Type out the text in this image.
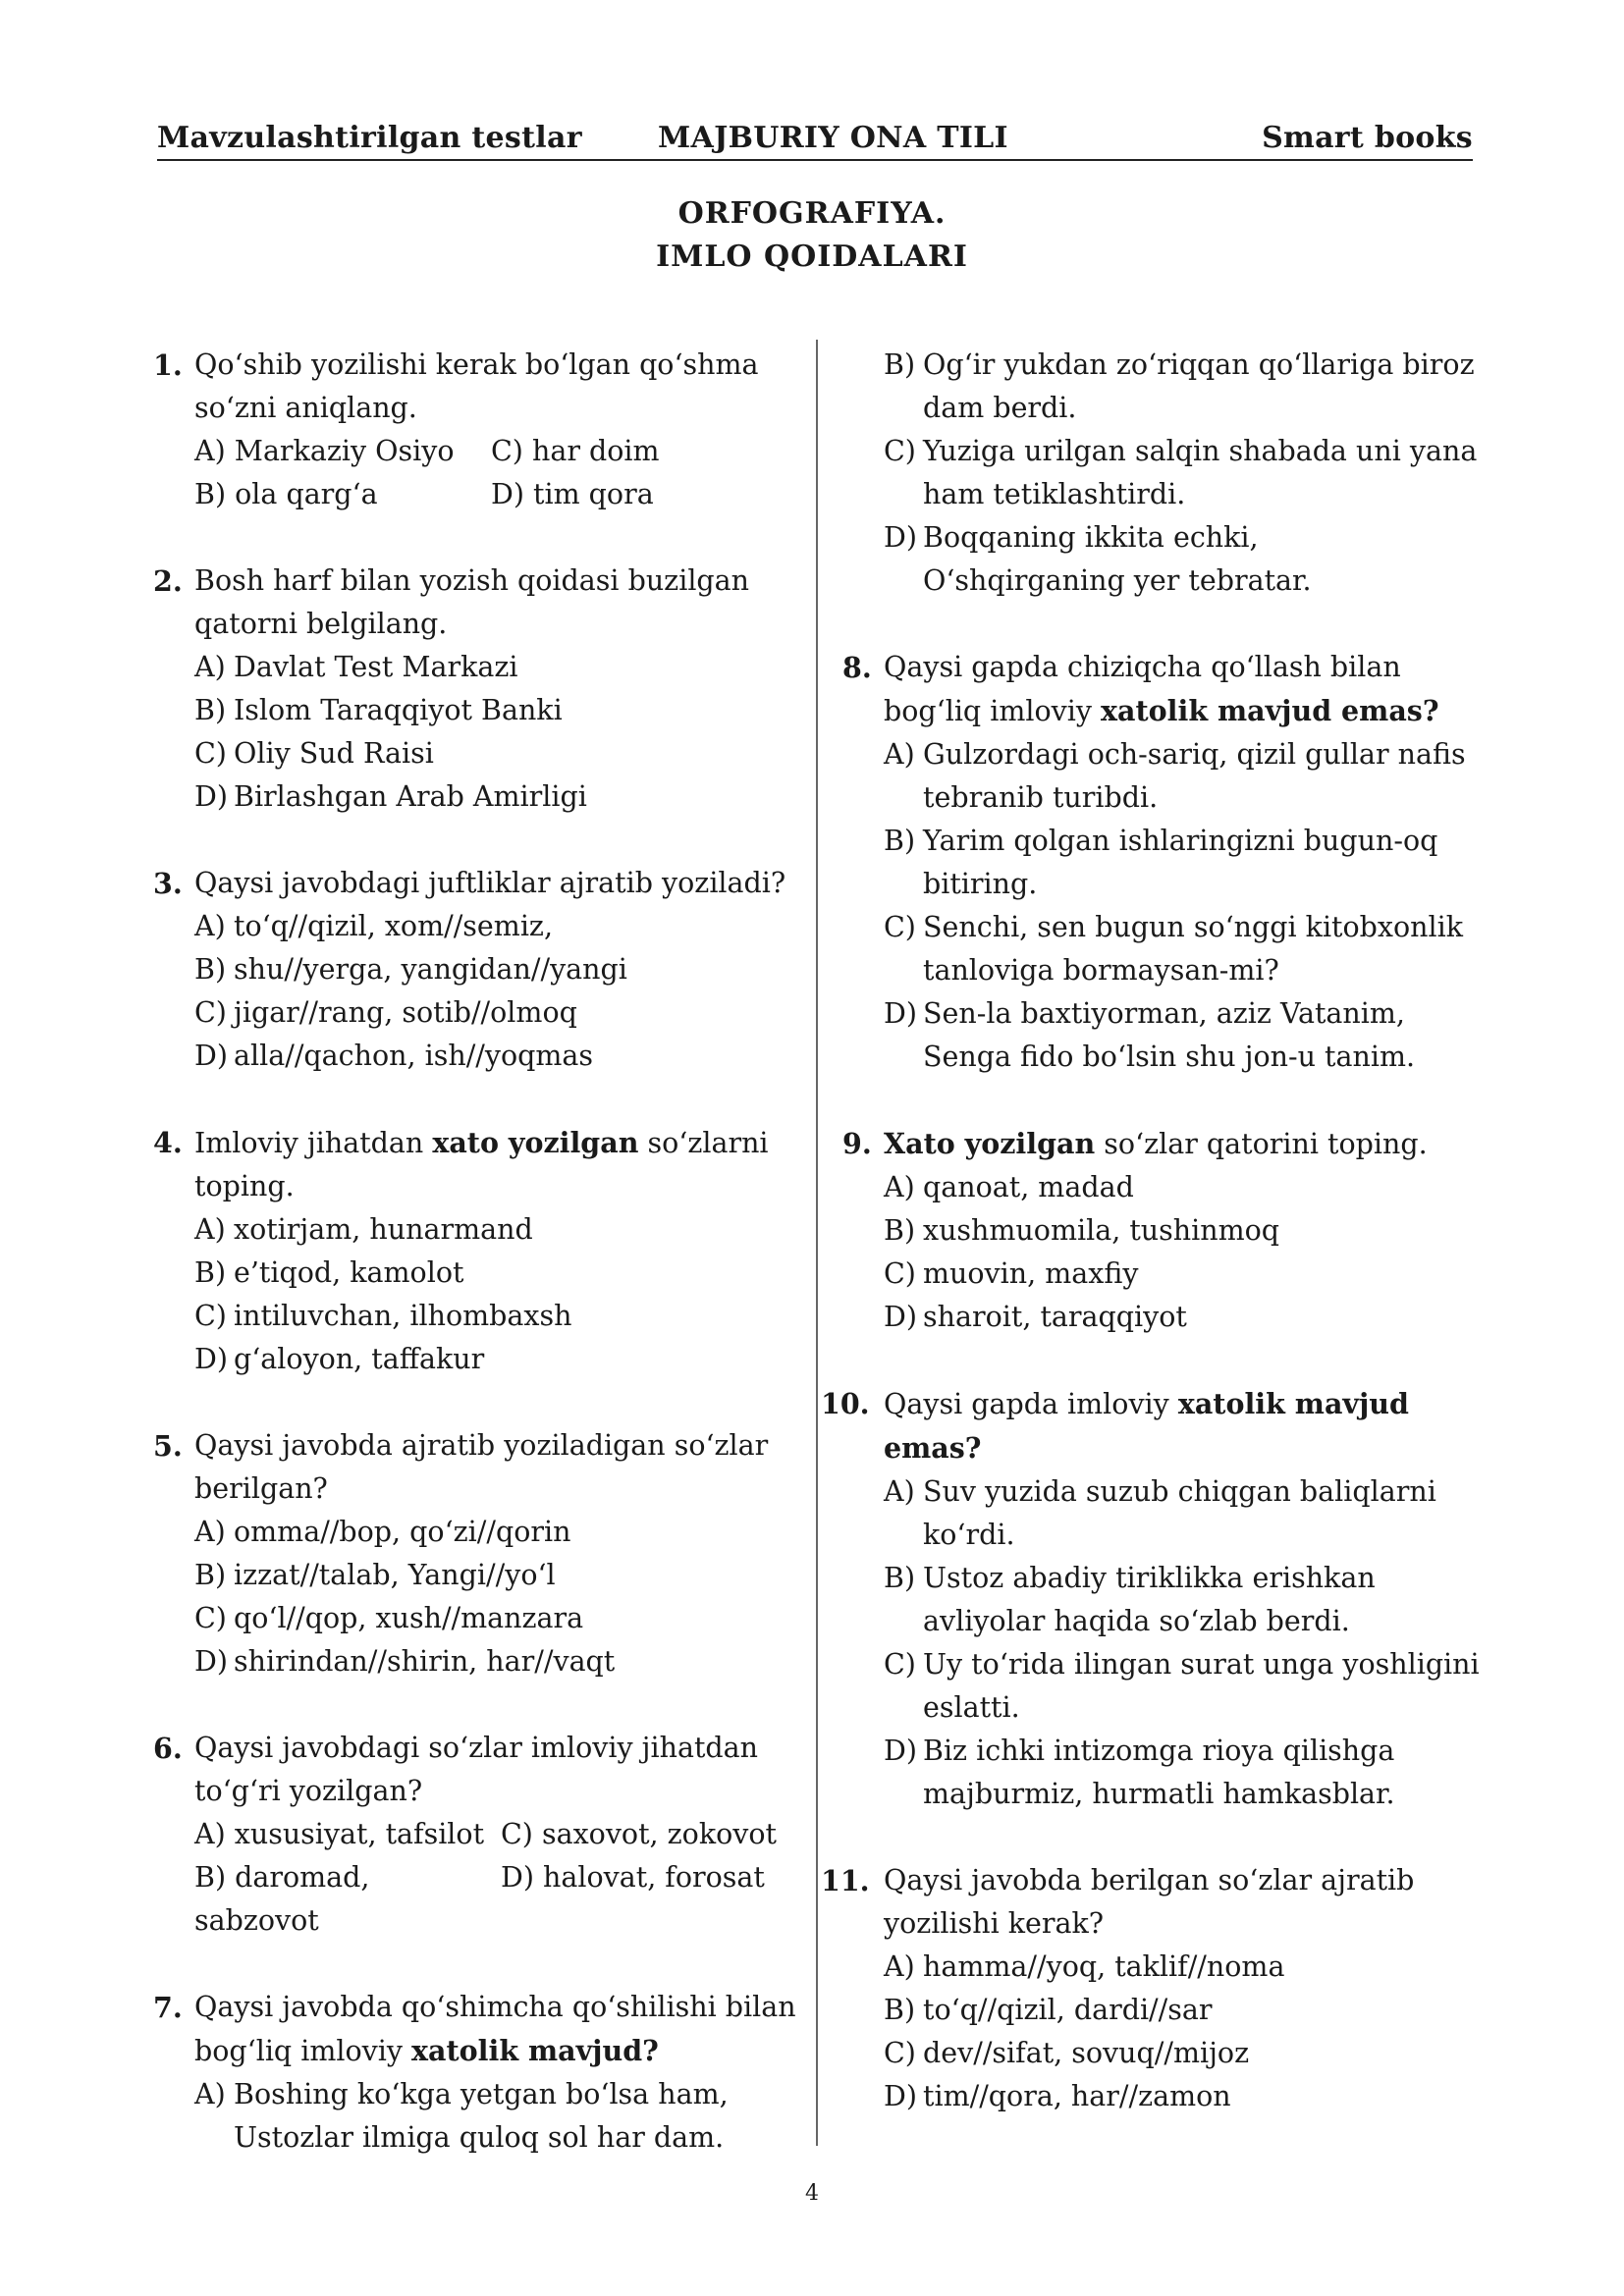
Mavzulashtirilgan testlar	MAJBURIY ONA TILI	Smart books
ORFOGRAFIYA.
IMLO QOIDALARI
1. Qo‘shib yozilishi kerak bo‘lgan qo‘shma so‘zni aniqlang.
A) Markaziy Osiyo	C) har doim
B) ola qarg‘a	D) tim qora
2. Bosh harf bilan yozish qoidasi buzilgan qatorni belgilang.
A) Davlat Test Markazi
B) Islom Taraqqiyot Banki
C) Oliy Sud Raisi
D) Birlashgan Arab Amirligi
3. Qaysi javobdagi juftliklar ajratib yoziladi?
A) to‘q//qizil, xom//semiz,
B) shu//yerga, yangidan//yangi
C) jigar//rang, sotib//olmoq
D) alla//qachon, ish//yoqmas
4. Imloviy jihatdan xato yozilgan so‘zlarni toping.
A) xotirjam, hunarmand
B) e’tiqod, kamolot
C) intiluvchan, ilhombaxsh
D) g‘aloyon, taffakur
5. Qaysi javobda ajratib yoziladigan so‘zlar berilgan?
A) omma//bop, qo‘zi//qorin
B) izzat//talab, Yangi//yo‘l
C) qo‘l//qop, xush//manzara
D) shirindan//shirin, har//vaqt
6. Qaysi javobdagi so‘zlar imloviy jihatdan to‘g‘ri yozilgan?
A) xususiyat, tafsilot C) saxovot, zokovot
B) daromad, sabzovot
D) halovat, forosat
7. Qaysi javobda qo‘shimcha qo‘shilishi bilan bog‘liq imloviy xatolik mavjud?
A) Boshing ko‘kga yetgan bo‘lsa ham,
Ustozlar ilmiga quloq sol har dam.
B) Og‘ir yukdan zo‘riqqan qo‘llariga biroz
dam berdi.
C) Yuziga urilgan salqin shabada uni yana
ham tetiklashtirdi.
D) Boqqaning ikkita echki,
O‘shqirganing yer tebratar.
8. Qaysi gapda chiziqcha qo‘llash bilan bog‘liq imloviy xatolik mavjud emas?
A) Gulzordagi och-sariq, qizil gullar nafis
tebranib turibdi.
B) Yarim qolgan ishlaringizni bugun-oq
bitiring.
C) Senchi, sen bugun so‘nggi kitobxonlik
tanloviga bormaysan-mi?
D) Sen-la baxtiyorman, aziz Vatanim,
Senga fido bo‘lsin shu jon-u tanim.
9. Xato yozilgan so‘zlar qatorini toping.
A) qanoat, madad
B) xushmuomila, tushinmoq
C) muovin, maxfiy
D) sharoit, taraqqiyot
10. Qaysi gapda imloviy xatolik mavjud emas?
A) Suv yuzida suzub chiqgan baliqlarni
ko‘rdi.
B) Ustoz abadiy tiriklikka erishkan
avliyolar haqida so‘zlab berdi.
C) Uy to‘rida ilingan surat unga yoshligini
eslatti.
D) Biz ichki intizomga rioya qilishga
majburmiz, hurmatli hamkasblar.
11. Qaysi javobda berilgan so‘zlar ajratib yozilishi kerak?
A) hamma//yoq, taklif//noma
B) to‘q//qizil, dardi//sar
C) dev//sifat, sovuq//mijoz
D) tim//qora, har//zamon
4
